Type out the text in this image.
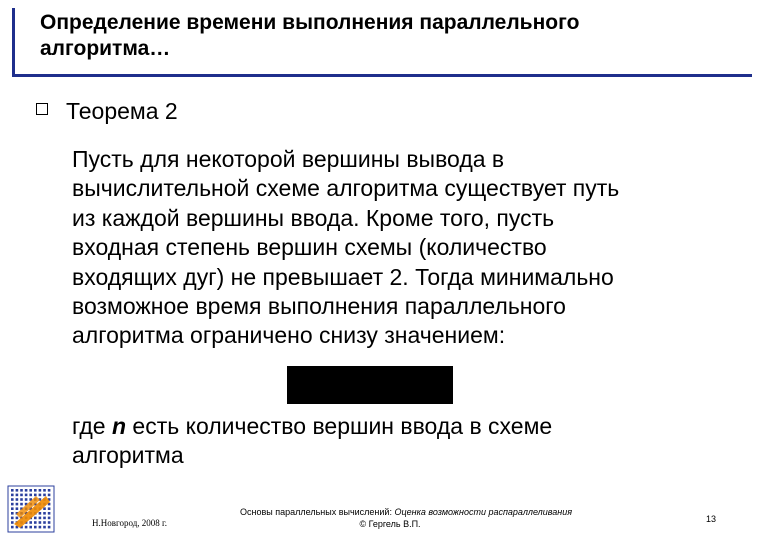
Определение времени выполнения параллельного
алгоритма…
Теорема 2
Пусть для некоторой вершины вывода в
вычислительной схеме алгоритма существует путь
из каждой вершины ввода. Кроме того, пусть
входная степень вершин схемы (количество
входящих дуг) не превышает 2. Тогда минимально
возможное время выполнения параллельного
алгоритма ограничено снизу значением:
где n есть количество вершин ввода в схеме
алгоритма
Н.Новгород, 2008 г.
Основы параллельных вычислений: Оценка возможности распараллеливания
© Гергель В.П.	13
